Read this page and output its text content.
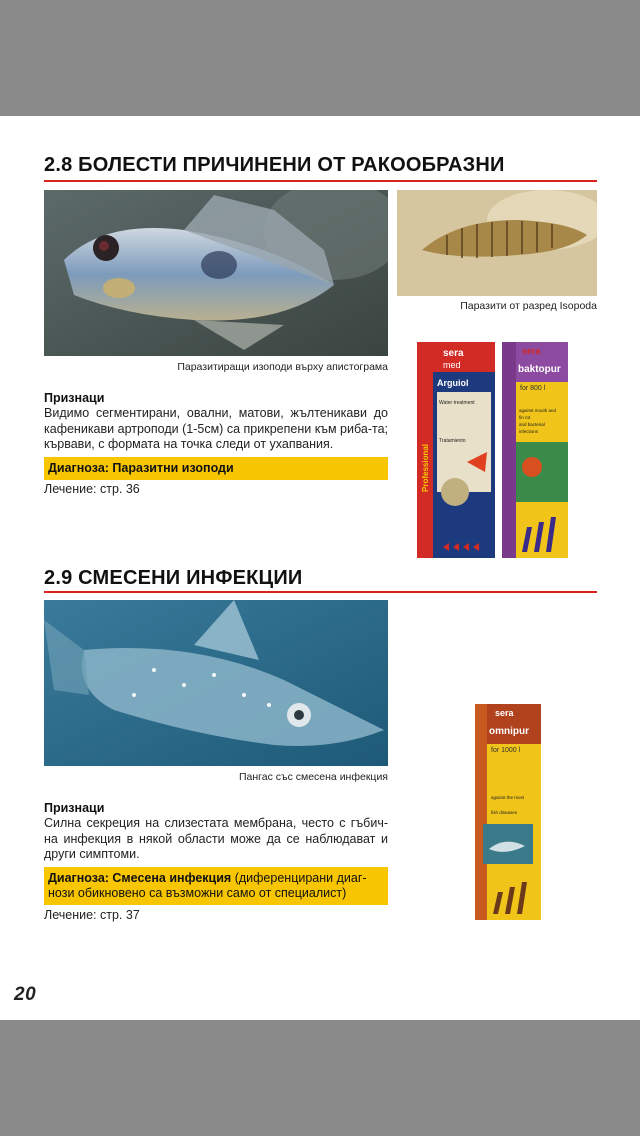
2.8 БОЛЕСТИ ПРИЧИНЕНИ ОТ РАКООБРАЗНИ
Паразитиращи изоподи върху апистограма
Паразити от разред Isopoda
Признаци
Видимо сегментирани, овални, матови, жълтеникави до кафеникави артроподи (1-5см) са прикрепени към риба-та; кървави, с формата на точка следи от ухапвания.
Диагноза: Паразитни изоподи
Лечение: стр. 36
sera
med
Arguiol
Water treatment
Tratamiento
Professional
sera
baktopur
for 800 l
against mouth and
fin rot
and bacterial
infections
2.9 СМЕСЕНИ ИНФЕКЦИИ
Пангас със смесена инфекция
Признаци
Силна секреция на слизестата мембрана, често с гъбич-на инфекция в някой области може да се наблюдават и други симптоми.
Диагноза: Смесена инфекция (диференцирани диаг-нози обикновено са възможни само от специалист)
Лечение: стр. 37
sera
omnipur
for 1000 l
against the most
fish diseases
20
